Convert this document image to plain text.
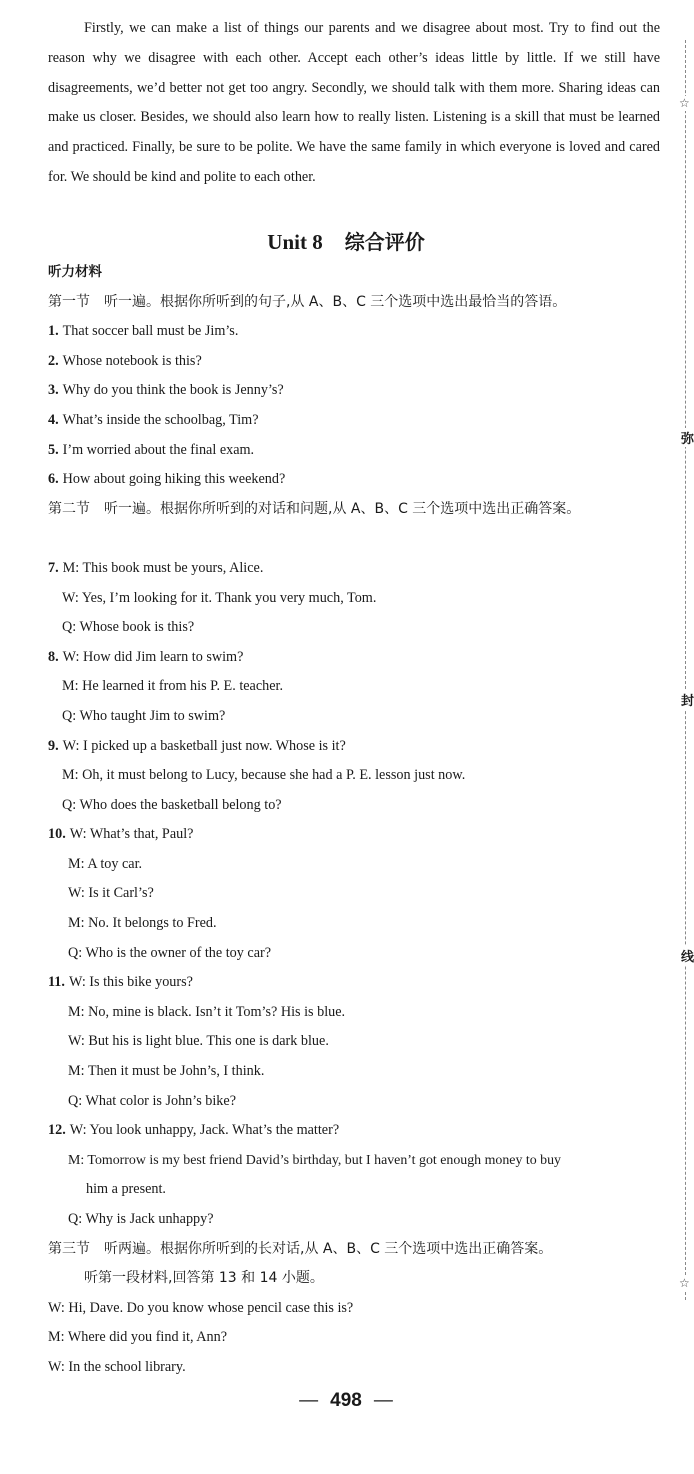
Firstly, we can make a list of things our parents and we disagree about most. Try to find out the reason why we disagree with each other. Accept each other’s ideas little by little. If we still have disagreements, we’d better not get too angry. Secondly, we should talk with them more. Sharing ideas can make us closer. Besides, we should also learn how to really listen. Listening is a skill that must be learned and practiced. Finally, be sure to be polite. We have the same family in which everyone is loved and cared for. We should be kind and polite to each other.

Unit 8 综合评价
听力材料
第一节　听一遍。根据你所听到的句子,从 A、B、C 三个选项中选出最恰当的答语。
1. That soccer ball must be Jim’s.
2. Whose notebook is this?
3. Why do you think the book is Jenny’s?
4. What’s inside the schoolbag, Tim?
5. I’m worried about the final exam.
6. How about going hiking this weekend?
第二节　听一遍。根据你所听到的对话和问题,从 A、B、C 三个选项中选出正确答案。
7. M: This book must be yours, Alice.
W: Yes, I’m looking for it. Thank you very much, Tom.
Q: Whose book is this?
8. W: How did Jim learn to swim?
M: He learned it from his P. E. teacher.
Q: Who taught Jim to swim?
9. W: I picked up a basketball just now. Whose is it?
M: Oh, it must belong to Lucy, because she had a P. E. lesson just now.
Q: Who does the basketball belong to?
10. W: What’s that, Paul?
M: A toy car.
W: Is it Carl’s?
M: No. It belongs to Fred.
Q: Who is the owner of the toy car?
11. W: Is this bike yours?
M: No, mine is black. Isn’t it Tom’s? His is blue.
W: But his is light blue. This one is dark blue.
M: Then it must be John’s, I think.
Q: What color is John’s bike?
12. W: You look unhappy, Jack. What’s the matter?
M: Tomorrow is my best friend David’s birthday, but I haven’t got enough money to buy
him a present.
Q: Why is Jack unhappy?
第三节　听两遍。根据你所听到的长对话,从 A、B、C 三个选项中选出正确答案。
听第一段材料,回答第 13 和 14 小题。
W: Hi, Dave. Do you know whose pencil case this is?
M: Where did you find it, Ann?
W: In the school library.
— 498 —
☆
弥
封
线
☆
